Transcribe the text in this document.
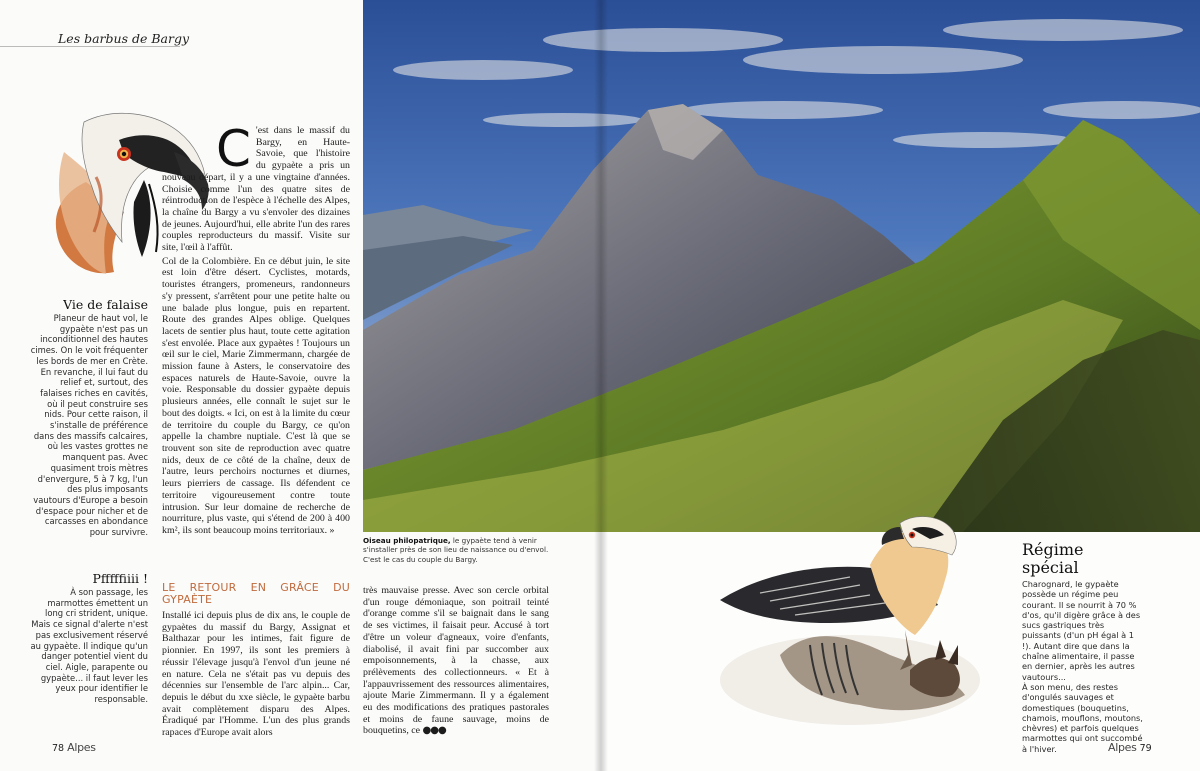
Les barbus de Bargy
Vie de falaise
Planeur de haut vol, le gypaète n'est pas un inconditionnel des hautes cimes. On le voit fréquenter les bords de mer en Crète. En revanche, il lui faut du relief et, surtout, des falaises riches en cavités, où il peut construire ses nids. Pour cette raison, il s'installe de préférence dans des massifs calcaires, où les vastes grottes ne manquent pas. Avec quasiment trois mètres d'envergure, 5 à 7 kg, l'un des plus imposants vautours d'Europe a besoin d'espace pour nicher et de carcasses en abondance pour survivre.
Pfffffiiii !
À son passage, les marmottes émettent un long cri strident, unique. Mais ce signal d'alerte n'est pas exclusivement réservé au gypaète. Il indique qu'un danger potentiel vient du ciel. Aigle, parapente ou gypaète... il faut lever les yeux pour identifier le responsable.

C 'est dans le massif du Bargy, en Haute-Savoie, que l'histoire du gypaète a pris un nouveau départ, il y a une vingtaine d'années. Choisie comme l'un des quatre sites de réintroduction de l'espèce à l'échelle des Alpes, la chaîne du Bargy a vu s'envoler des dizaines de jeunes. Aujourd'hui, elle abrite l'un des rares couples reproducteurs du massif. Visite sur site, l'œil à l'affût.

Col de la Colombière. En ce début juin, le site est loin d'être désert. Cyclistes, motards, touristes étrangers, promeneurs, randonneurs s'y pressent, s'arrêtent pour une petite halte ou une balade plus longue, puis en repartent. Route des grandes Alpes oblige. Quelques lacets de sentier plus haut, toute cette agitation s'est envolée. Place aux gypaètes ! Toujours un œil sur le ciel, Marie Zimmermann, chargée de mission faune à Asters, le conservatoire des espaces naturels de Haute-Savoie, ouvre la voie. Responsable du dossier gypaète depuis plusieurs années, elle connaît le sujet sur le bout des doigts. « Ici, on est à la limite du cœur de territoire du couple du Bargy, ce qu'on appelle la chambre nuptiale. C'est là que se trouvent son site de reproduction avec quatre nids, deux de ce côté de la chaîne, deux de l'autre, leurs perchoirs nocturnes et diurnes, leurs pierriers de cassage. Ils défendent ce territoire vigoureusement contre toute intrusion. Sur leur domaine de recherche de nourriture, plus vaste, qui s'étend de 200 à 400 km², ils sont beaucoup moins territoriaux. »

LE RETOUR EN GRÂCE DU GYPAÈTE

Installé ici depuis plus de dix ans, le couple de gypaètes du massif du Bargy, Assignat et Balthazar pour les intimes, fait figure de pionnier. En 1997, ils sont les premiers à réussir l'élevage jusqu'à l'envol d'un jeune né en nature. Cela ne s'était pas vu depuis des décennies sur l'ensemble de l'arc alpin... Car, depuis le début du xxe siècle, le gypaète barbu avait complètement disparu des Alpes. Éradiqué par l'Homme. L'un des plus grands rapaces d'Europe avait alors

très mauvaise presse. Avec son cercle orbital d'un rouge démoniaque, son poitrail teinté d'orange comme s'il se baignait dans le sang de ses victimes, il faisait peur. Accusé à tort d'être un voleur d'agneaux, voire d'enfants, diabolisé, il avait fini par succomber aux empoisonnements, à la chasse, aux prélèvements des collectionneurs. « Et à l'appauvrissement des ressources alimentaires, ajoute Marie Zimmermann. Il y a également eu des modifications des pratiques pastorales et moins de faune sauvage, moins de bouquetins, ce ●●●

Oiseau philopatrique, le gypaète tend à venir s'installer près de son lieu de naissance ou d'envol. C'est le cas du couple du Bargy.
Régime spécial
Charognard, le gypaète possède un régime peu courant. Il se nourrit à 70 % d'os, qu'il digère grâce à des sucs gastriques très puissants (d'un pH égal à 1 !). Autant dire que dans la chaîne alimentaire, il passe en dernier, après les autres vautours...
À son menu, des restes d'ongulés sauvages et domestiques (bouquetins, chamois, mouflons, moutons, chèvres) et parfois quelques marmottes qui ont succombé à l'hiver.
78 Alpes	Alpes 79
